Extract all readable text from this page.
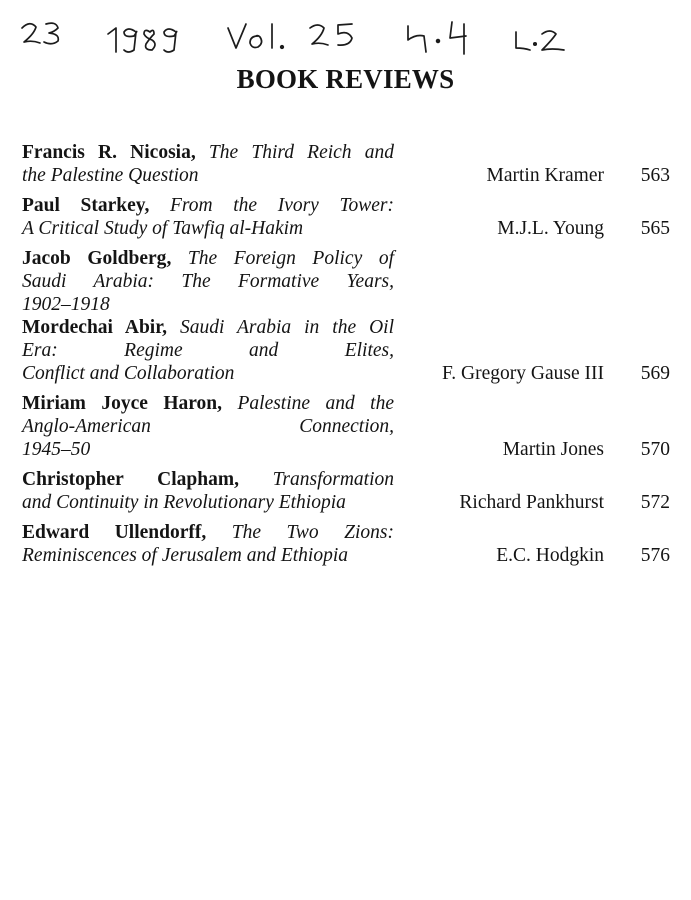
BOOK REVIEWS
Francis R. Nicosia, The Third Reich and
the Palestine Question	Martin Kramer 563
Paul Starkey, From the Ivory Tower:
A Critical Study of Tawfiq al-Hakim	M.J.L. Young 565
Jacob Goldberg, The Foreign Policy of
Saudi Arabia: The Formative Years,
1902–1918
Mordechai Abir, Saudi Arabia in the Oil
Era: Regime and Elites,
Conflict and Collaboration	F. Gregory Gause III 569
Miriam Joyce Haron, Palestine and the
Anglo-American Connection,
1945–50	Martin Jones 570
Christopher Clapham, Transformation
and Continuity in Revolutionary Ethiopia	Richard Pankhurst 572
Edward Ullendorff, The Two Zions:
Reminiscences of Jerusalem and Ethiopia	E.C. Hodgkin 576
